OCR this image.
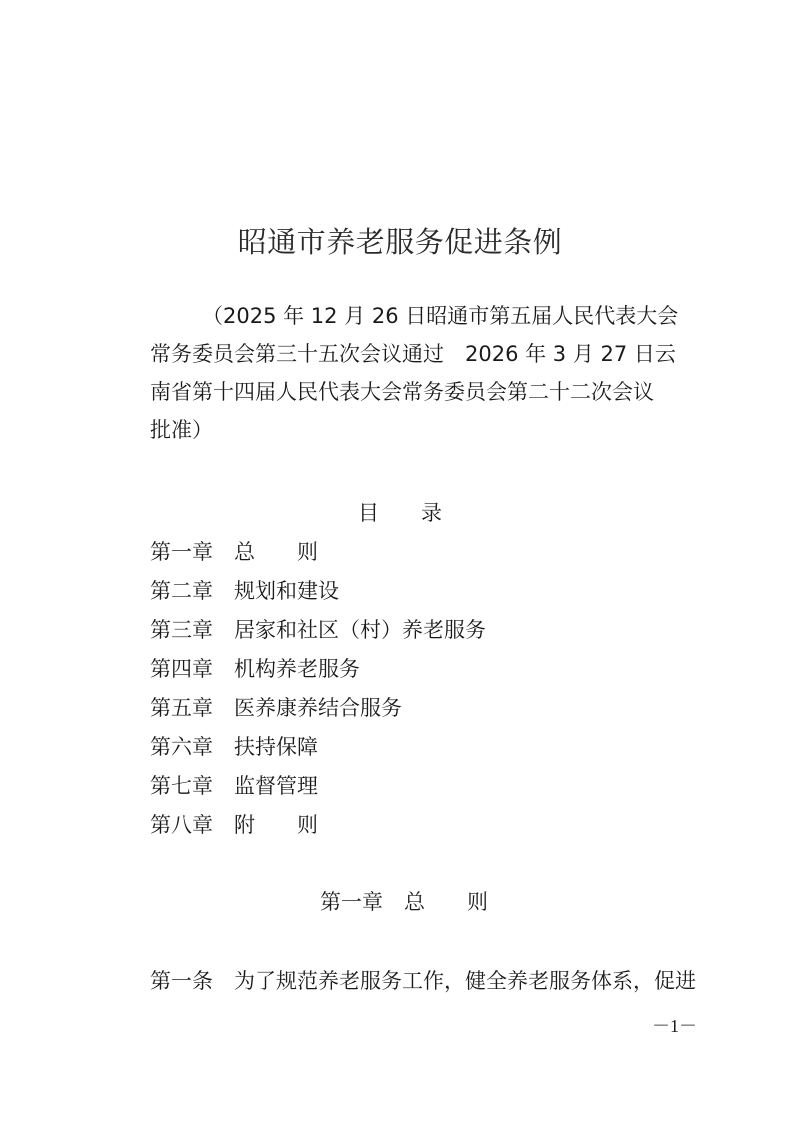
昭通市养老服务促进条例
（2025 年 12 月 26 日昭通市第五届人民代表大会
常务委员会第三十五次会议通过　2026 年 3 月 27 日云
南省第十四届人民代表大会常务委员会第二十二次会议
批准）
目　　录
第一章 总　　则
第二章 规划和建设
第三章 居家和社区（村）养老服务
第四章 机构养老服务
第五章 医养康养结合服务
第六章 扶持保障
第七章 监督管理
第八章 附　　则
第一章　总　　则
第一条 为了规范养老服务工作，健全养老服务体系，促进
－1－
